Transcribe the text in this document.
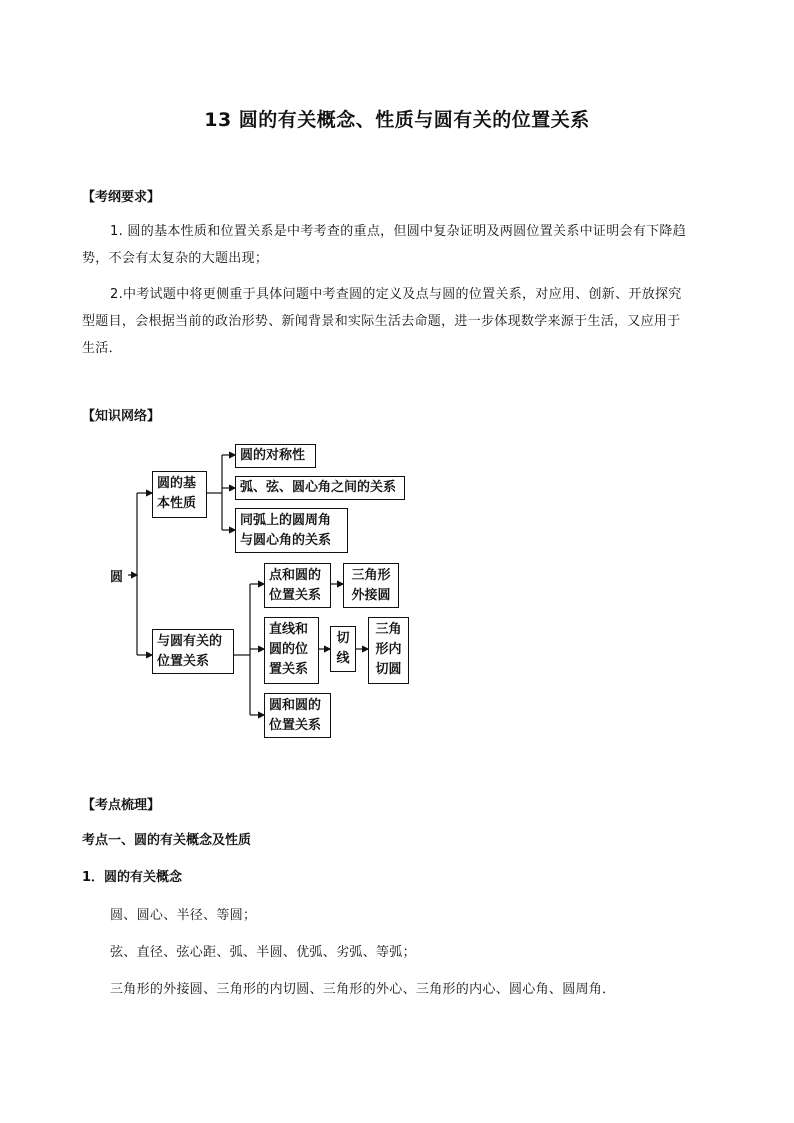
13 圆的有关概念、性质与圆有关的位置关系
【考纲要求】
1. 圆的基本性质和位置关系是中考考查的重点，但圆中复杂证明及两圆位置关系中证明会有下降趋
势，不会有太复杂的大题出现；
2.中考试题中将更侧重于具体问题中考查圆的定义及点与圆的位置关系，对应用、创新、开放探究
型题目，会根据当前的政治形势、新闻背景和实际生活去命题，进一步体现数学来源于生活，又应用于
生活．
【知识网络】
圆
圆的基
本性质
圆的对称性
弧、弦、圆心角之间的关系
同弧上的圆周角
与圆心角的关系
与圆有关的
位置关系
点和圆的
位置关系
三角形
外接圆
直线和
圆的位
置关系
切
线
三角
形内
切圆
圆和圆的
位置关系
【考点梳理】
考点一、圆的有关概念及性质
1．圆的有关概念
圆、圆心、半径、等圆；
弦、直径、弦心距、弧、半圆、优弧、劣弧、等弧；
三角形的外接圆、三角形的内切圆、三角形的外心、三角形的内心、圆心角、圆周角．
